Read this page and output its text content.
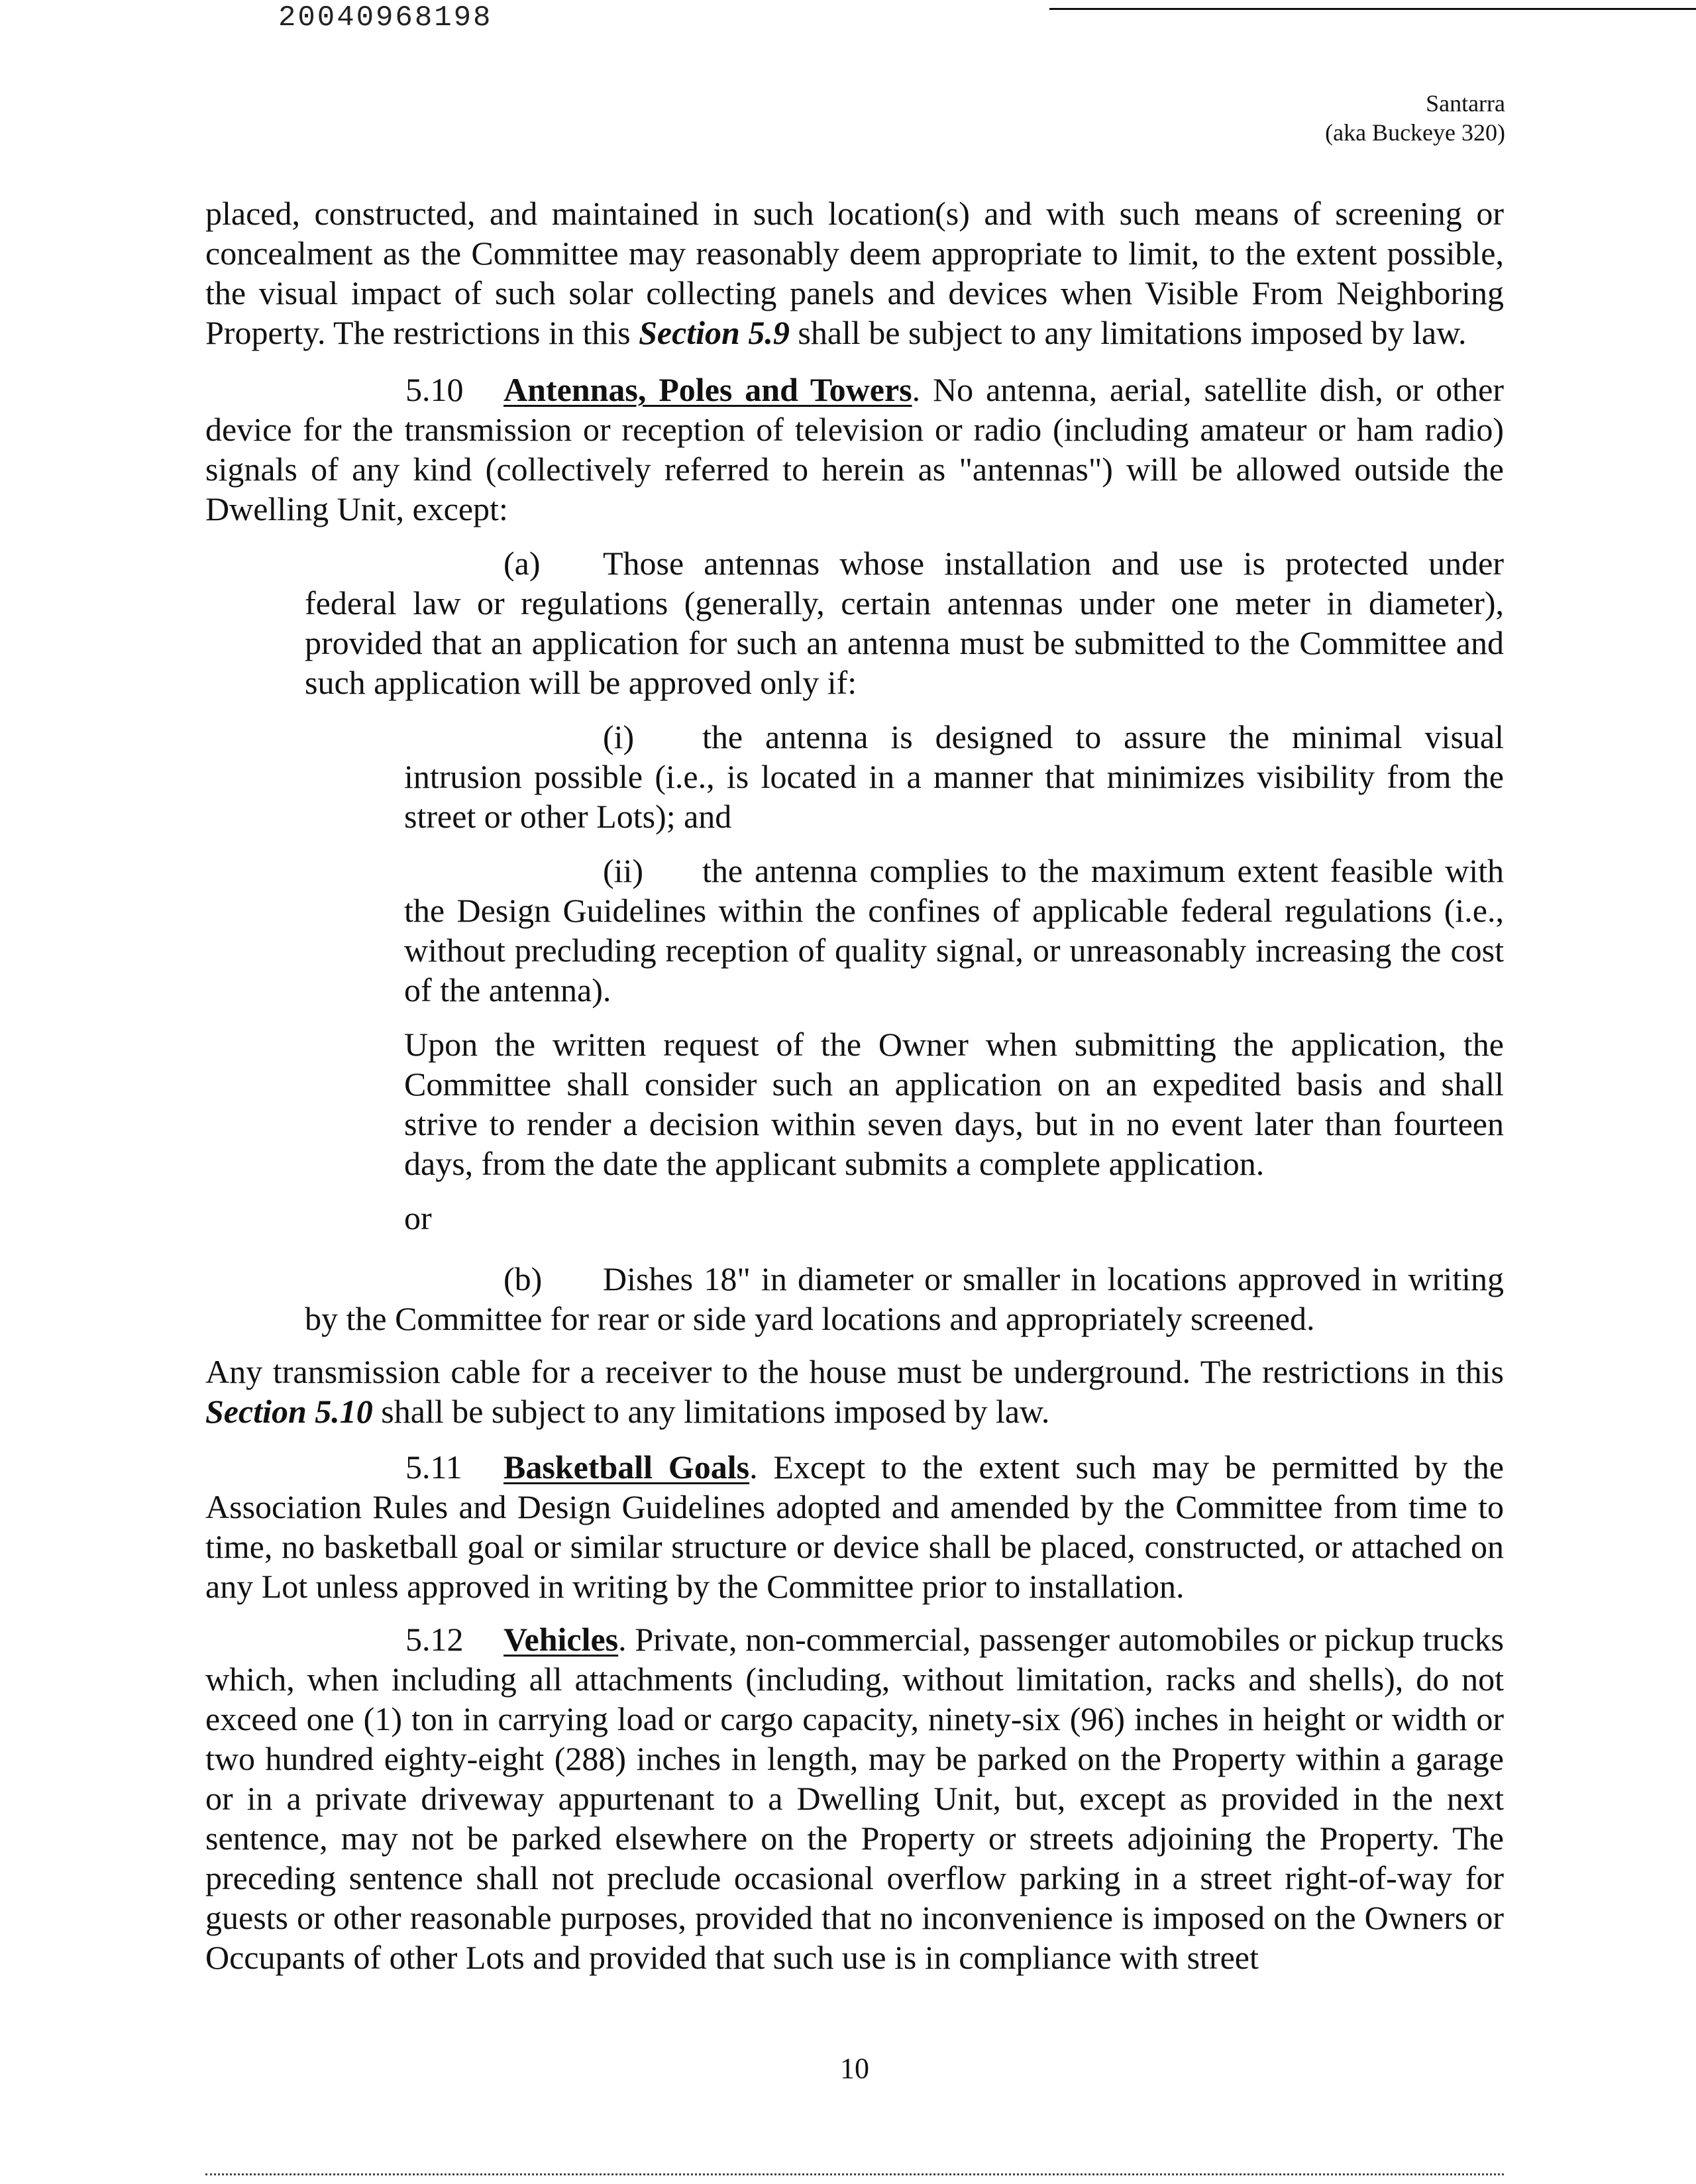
20040968198
Santarra
(aka Buckeye 320)

placed, constructed, and maintained in such location(s) and with such means of screening or concealment as the Committee may reasonably deem appropriate to limit, to the extent possible, the visual impact of such solar collecting panels and devices when Visible From Neighboring Property. The restrictions in this Section 5.9 shall be subject to any limitations imposed by law.

5.10 Antennas, Poles and Towers. No antenna, aerial, satellite dish, or other device for the transmission or reception of television or radio (including amateur or ham radio) signals of any kind (collectively referred to herein as "antennas") will be allowed outside the Dwelling Unit, except:

(a) Those antennas whose installation and use is protected under federal law or regulations (generally, certain antennas under one meter in diameter), provided that an application for such an antenna must be submitted to the Committee and such application will be approved only if:

(i) the antenna is designed to assure the minimal visual intrusion possible (i.e., is located in a manner that minimizes visibility from the street or other Lots); and

(ii) the antenna complies to the maximum extent feasible with the Design Guidelines within the confines of applicable federal regulations (i.e., without precluding reception of quality signal, or unreasonably increasing the cost of the antenna).

Upon the written request of the Owner when submitting the application, the Committee shall consider such an application on an expedited basis and shall strive to render a decision within seven days, but in no event later than fourteen days, from the date the applicant submits a complete application.

or

(b) Dishes 18" in diameter or smaller in locations approved in writing by the Committee for rear or side yard locations and appropriately screened.

Any transmission cable for a receiver to the house must be underground. The restrictions in this Section 5.10 shall be subject to any limitations imposed by law.

5.11 Basketball Goals. Except to the extent such may be permitted by the Association Rules and Design Guidelines adopted and amended by the Committee from time to time, no basketball goal or similar structure or device shall be placed, constructed, or attached on any Lot unless approved in writing by the Committee prior to installation.

5.12 Vehicles. Private, non-commercial, passenger automobiles or pickup trucks which, when including all attachments (including, without limitation, racks and shells), do not exceed one (1) ton in carrying load or cargo capacity, ninety-six (96) inches in height or width or two hundred eighty-eight (288) inches in length, may be parked on the Property within a garage or in a private driveway appurtenant to a Dwelling Unit, but, except as provided in the next sentence, may not be parked elsewhere on the Property or streets adjoining the Property. The preceding sentence shall not preclude occasional overflow parking in a street right-of-way for guests or other reasonable purposes, provided that no inconvenience is imposed on the Owners or Occupants of other Lots and provided that such use is in compliance with street

10
